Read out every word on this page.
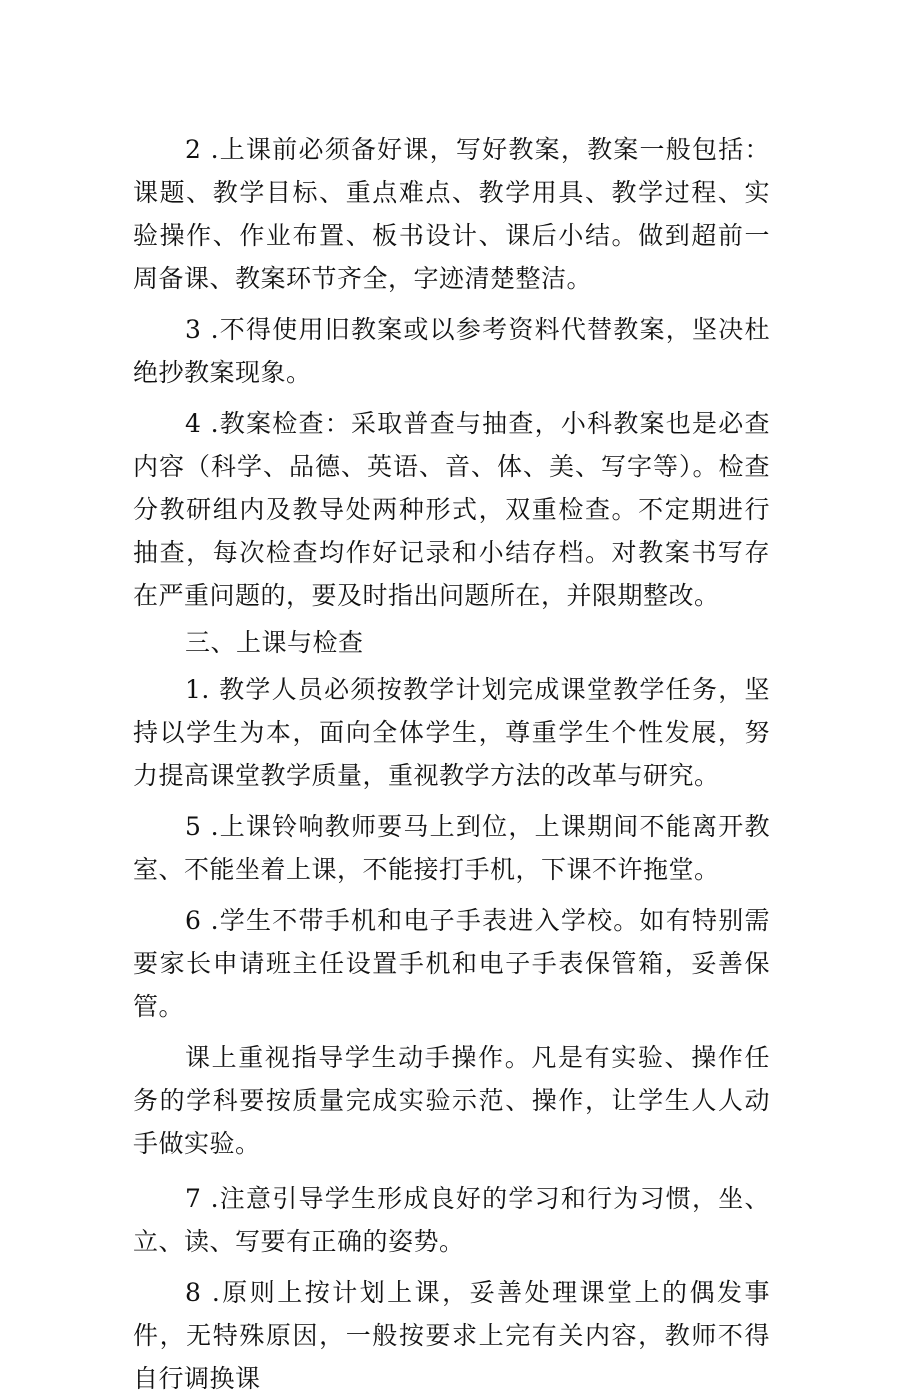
2 .上课前必须备好课，写好教案，教案一般包括：课题、教学目标、重点难点、教学用具、教学过程、实验操作、作业布置、板书设计、课后小结。做到超前一周备课、教案环节齐全，字迹清楚整洁。

3 .不得使用旧教案或以参考资料代替教案，坚决杜绝抄教案现象。

4 .教案检查：采取普查与抽查，小科教案也是必查内容（科学、品德、英语、音、体、美、写字等）。检查分教研组内及教导处两种形式，双重检查。不定期进行抽查，每次检查均作好记录和小结存档。对教案书写存在严重问题的，要及时指出问题所在，并限期整改。

三、上课与检查

1. 教学人员必须按教学计划完成课堂教学任务，坚持以学生为本，面向全体学生，尊重学生个性发展，努力提高课堂教学质量，重视教学方法的改革与研究。

5 .上课铃响教师要马上到位，上课期间不能离开教室、不能坐着上课，不能接打手机，下课不许拖堂。

6 .学生不带手机和电子手表进入学校。如有特别需要家长申请班主任设置手机和电子手表保管箱，妥善保管。

课上重视指导学生动手操作。凡是有实验、操作任务的学科要按质量完成实验示范、操作，让学生人人动手做实验。

7 .注意引导学生形成良好的学习和行为习惯，坐、立、读、写要有正确的姿势。

8 .原则上按计划上课，妥善处理课堂上的偶发事件，无特殊原因，一般按要求上完有关内容，教师不得自行调换课
